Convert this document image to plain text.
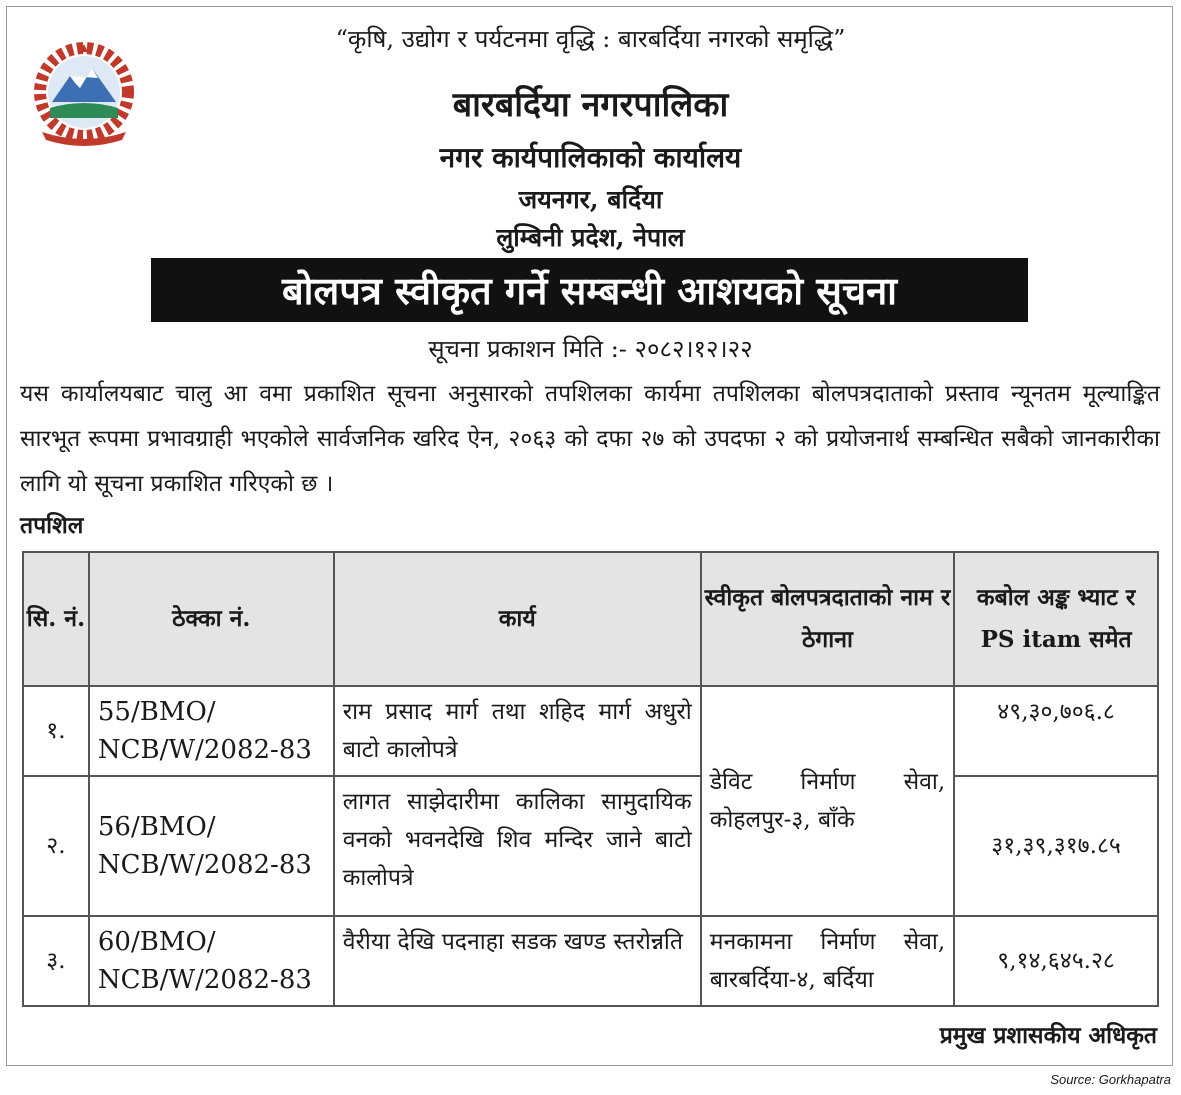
“कृषि, उद्योग र पर्यटनमा वृद्धि : बारबर्दिया नगरको समृद्धि”
बारबर्दिया नगरपालिका
नगर कार्यपालिकाको कार्यालय
जयनगर, बर्दिया
लुम्बिनी प्रदेश, नेपाल
बोलपत्र स्वीकृत गर्ने सम्बन्धी आशयको सूचना
सूचना प्रकाशन मिति :- २०८२।१२।२२
यस कार्यालयबाट चालु आ वमा प्रकाशित सूचना अनुसारको तपशिलका कार्यमा तपशिलका बोलपत्रदाताको प्रस्ताव न्यूनतम मूल्याङ्कित सारभूत रूपमा प्रभावग्राही भएकोले सार्वजनिक खरिद ऐन, २०६३ को दफा २७ को उपदफा २ को प्रयोजनार्थ सम्बन्धित सबैको जानकारीका लागि यो सूचना प्रकाशित गरिएको छ ।
तपशिल
सि. नं.	ठेक्का नं.	कार्य	स्वीकृत बोलपत्रदाताको नाम र ठेगाना	कबोल अङ्क भ्याट र PS itam समेत
१.	55/BMO/ NCB/W/2082-83	राम प्रसाद मार्ग तथा शहिद मार्ग अधुरो बाटो कालोपत्रे	डेविट निर्माण सेवा, कोहलपुर-३, बाँके	४९,३०,७०६.८
२.	56/BMO/ NCB/W/2082-83	लागत साझेदारीमा कालिका सामुदायिक वनको भवनदेखि शिव मन्दिर जाने बाटो कालोपत्रे		३१,३९,३१७.८५
३.	60/BMO/ NCB/W/2082-83	वैरीया देखि पदनाहा सडक खण्ड स्तरोन्नति	मनकामना निर्माण सेवा, बारबर्दिया-४, बर्दिया	९,१४,६४५.२८
प्रमुख प्रशासकीय अधिकृत
Source: Gorkhapatra
